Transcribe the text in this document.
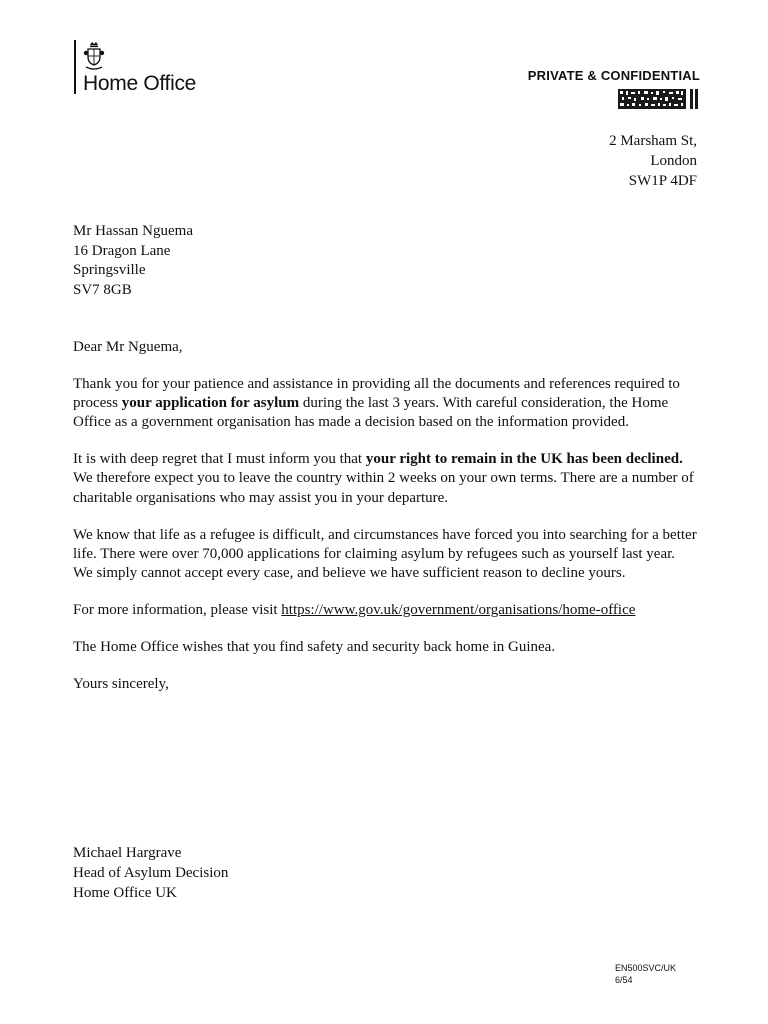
Home Office	PRIVATE & CONFIDENTIAL
2 Marsham St,
London
SW1P 4DF
Mr Hassan Nguema
16 Dragon Lane
Springsville
SV7 8GB

Dear Mr Nguema,

Thank you for your patience and assistance in providing all the documents and references required to process your application for asylum during the last 3 years. With careful consideration, the Home Office as a government organisation has made a decision based on the information provided.

It is with deep regret that I must inform you that your right to remain in the UK has been declined. We therefore expect you to leave the country within 2 weeks on your own terms. There are a number of charitable organisations who may assist you in your departure.

We know that life as a refugee is difficult, and circumstances have forced you into searching for a better life. There were over 70,000 applications for claiming asylum by refugees such as yourself last year. We simply cannot accept every case, and believe we have sufficient reason to decline yours.

For more information, please visit https://www.gov.uk/government/organisations/home-office

The Home Office wishes that you find safety and security back home in Guinea.

Yours sincerely,

Michael Hargrave
Head of Asylum Decision
Home Office UK
EN500SVC/UK
6/54
